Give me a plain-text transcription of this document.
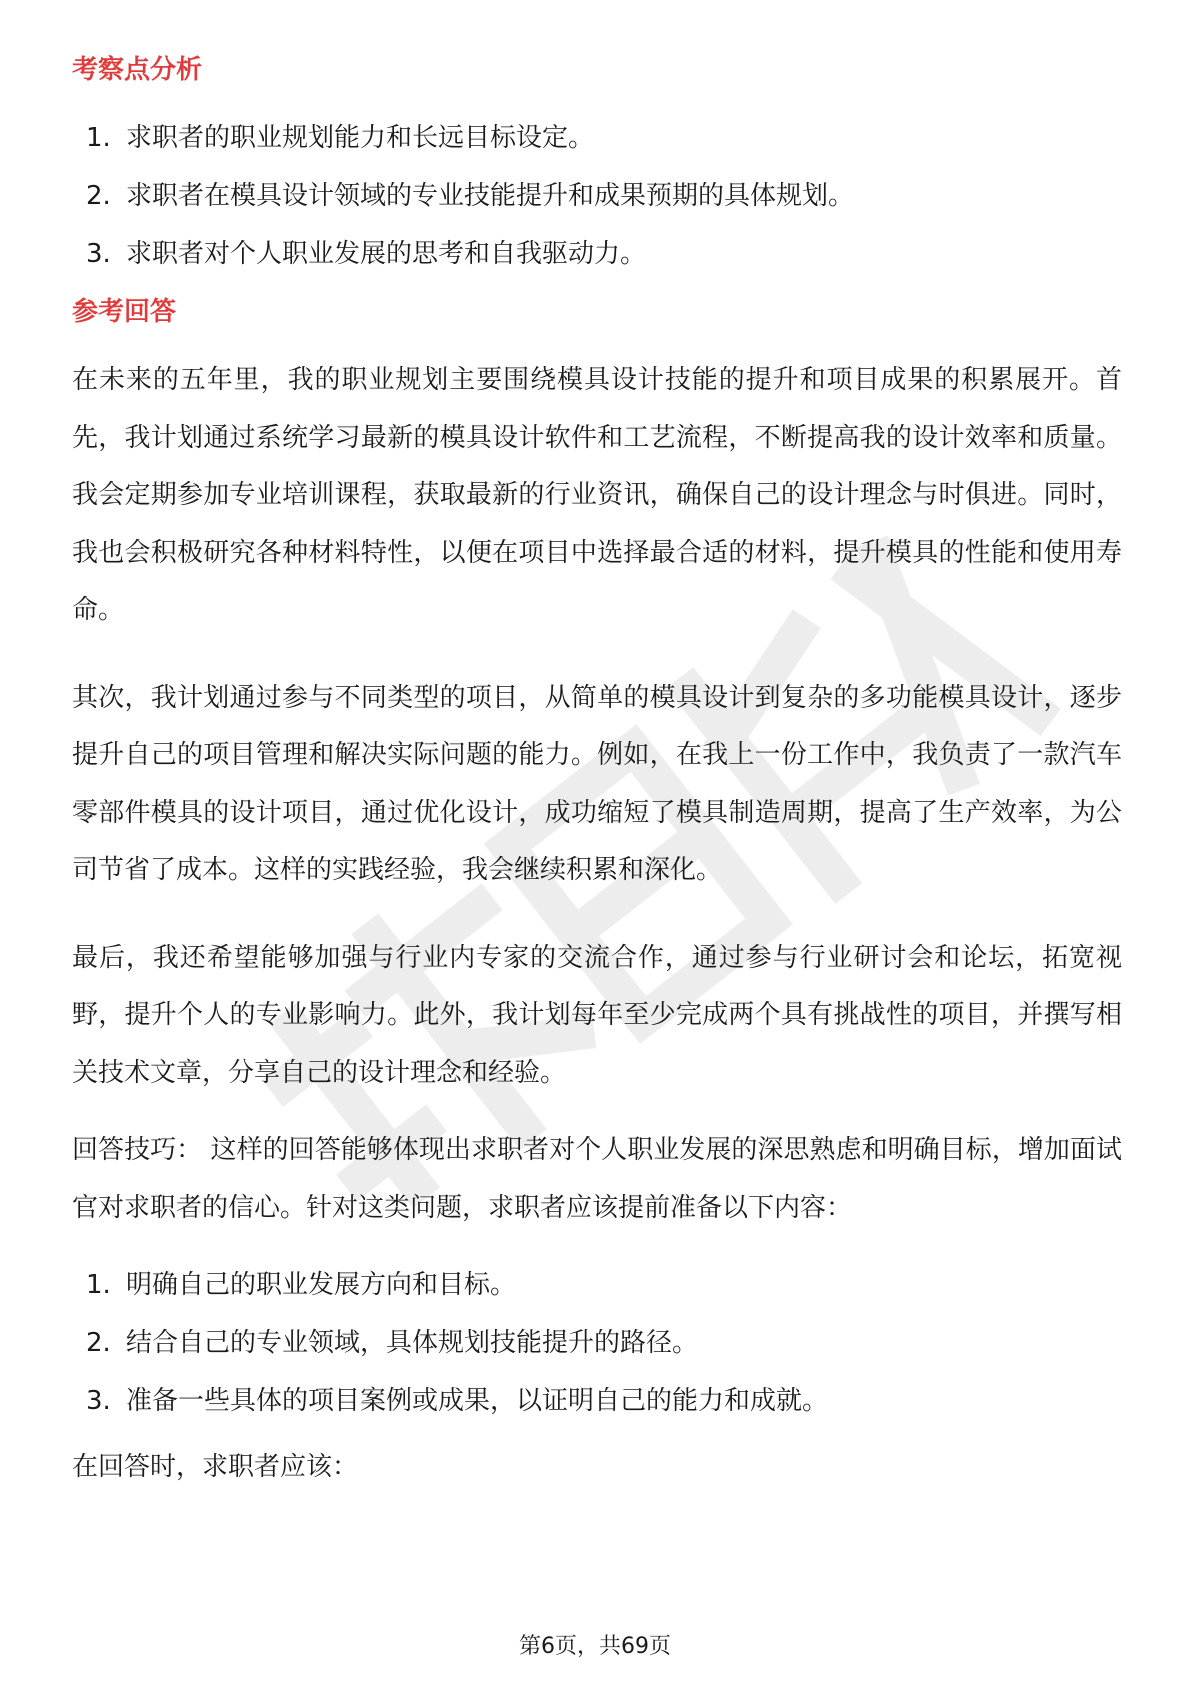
考察点分析
1. 求职者的职业规划能力和长远目标设定。
2. 求职者在模具设计领域的专业技能提升和成果预期的具体规划。
3. 求职者对个人职业发展的思考和自我驱动力。
参考回答

在未来的五年里，我的职业规划主要围绕模具设计技能的提升和项目成果的积累展开。首先，我计划通过系统学习最新的模具设计软件和工艺流程，不断提高我的设计效率和质量。我会定期参加专业培训课程，获取最新的行业资讯，确保自己的设计理念与时俱进。同时，我也会积极研究各种材料特性，以便在项目中选择最合适的材料，提升模具的性能和使用寿命。

其次，我计划通过参与不同类型的项目，从简单的模具设计到复杂的多功能模具设计，逐步提升自己的项目管理和解决实际问题的能力。例如，在我上一份工作中，我负责了一款汽车零部件模具的设计项目，通过优化设计，成功缩短了模具制造周期，提高了生产效率，为公司节省了成本。这样的实践经验，我会继续积累和深化。

最后，我还希望能够加强与行业内专家的交流合作，通过参与行业研讨会和论坛，拓宽视野，提升个人的专业影响力。此外，我计划每年至少完成两个具有挑战性的项目，并撰写相关技术文章，分享自己的设计理念和经验。

回答技巧： 这样的回答能够体现出求职者对个人职业发展的深思熟虑和明确目标，增加面试官对求职者的信心。针对这类问题，求职者应该提前准备以下内容：

1. 明确自己的职业发展方向和目标。
2. 结合自己的专业领域，具体规划技能提升的路径。
3. 准备一些具体的项目案例或成果，以证明自己的能力和成就。

在回答时，求职者应该：

第6页，共69页
